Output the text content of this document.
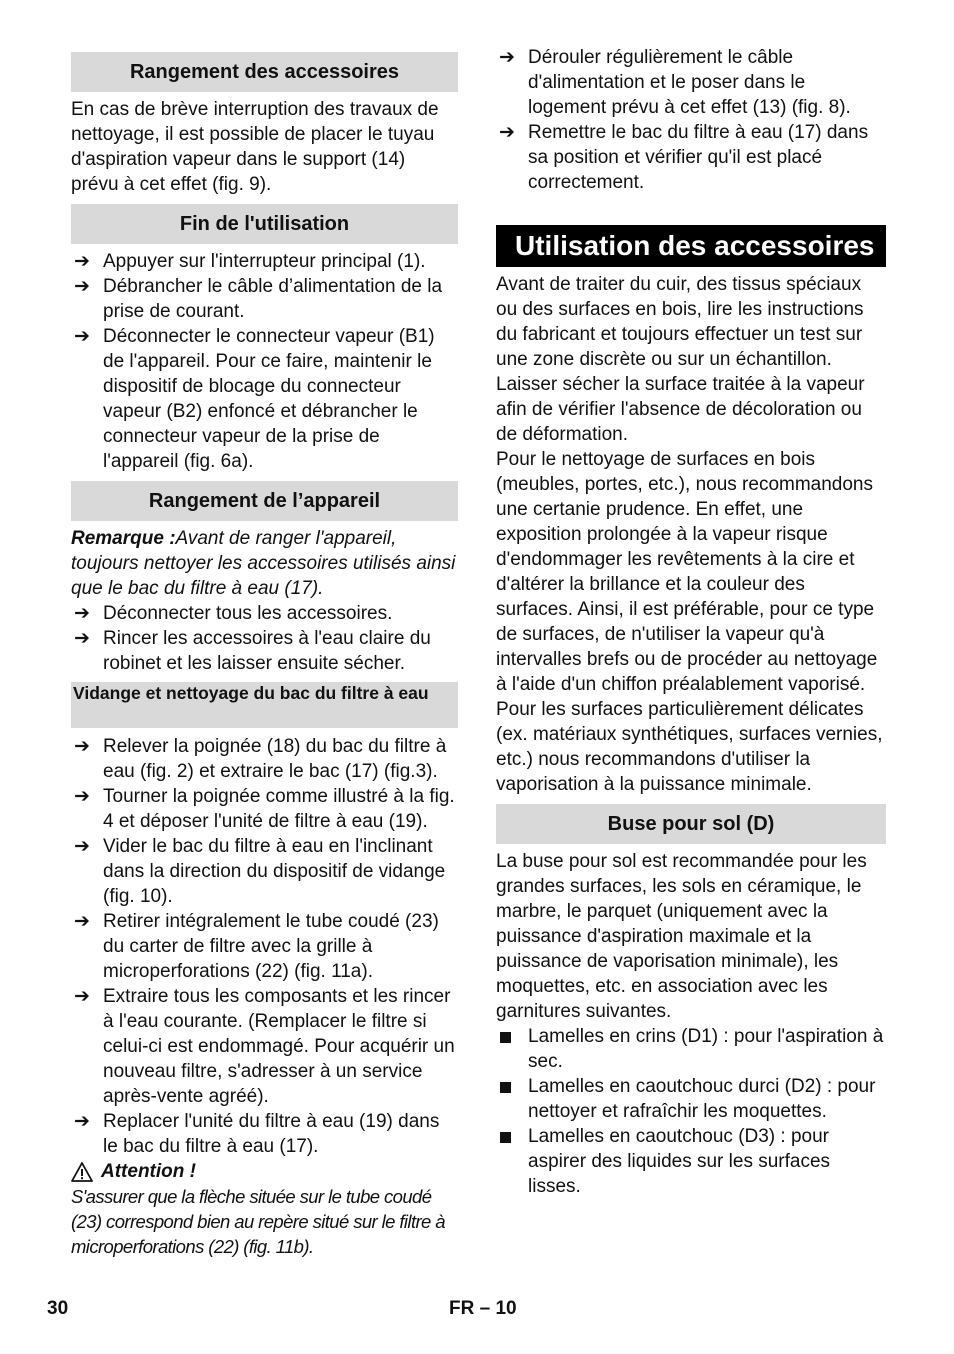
Rangement des accessoires

En cas de brève interruption des travaux de nettoyage, il est possible de placer le tuyau d'aspiration vapeur dans le support (14) prévu à cet effet (fig. 9).

Fin de l'utilisation
➔ Appuyer sur l'interrupteur principal (1).
➔ Débrancher le câble d’alimentation de la prise de courant.
➔ Déconnecter le connecteur vapeur (B1) de l'appareil. Pour ce faire, maintenir le dispositif de blocage du connecteur vapeur (B2) enfoncé et débrancher le connecteur vapeur de la prise de l'appareil (fig. 6a).
Rangement de l’appareil

Remarque :Avant de ranger l'appareil, toujours nettoyer les accessoires utilisés ainsi que le bac du filtre à eau (17).

➔ Déconnecter tous les accessoires.
➔ Rincer les accessoires à l'eau claire du robinet et les laisser ensuite sécher.
Vidange et nettoyage du bac du filtre à eau
➔ Relever la poignée (18) du bac du filtre à eau (fig. 2) et extraire le bac (17) (fig.3).
➔ Tourner la poignée comme illustré à la fig. 4 et déposer l'unité de filtre à eau (19).
➔ Vider le bac du filtre à eau en l'inclinant dans la direction du dispositif de vidange (fig. 10).
➔ Retirer intégralement le tube coudé (23) du carter de filtre avec la grille à microperforations (22) (fig. 11a).
➔ Extraire tous les composants et les rincer à l'eau courante. (Remplacer le filtre si celui-ci est endommagé. Pour acquérir un nouveau filtre, s'adresser à un service après-vente agréé).
➔ Replacer l'unité du filtre à eau (19) dans le bac du filtre à eau (17).
Attention !

S'assurer que la flèche située sur le tube coudé (23) correspond bien au repère situé sur le filtre à microperforations (22) (fig. 11b).

➔ Dérouler régulièrement le câble d'alimentation et le poser dans le logement prévu à cet effet (13) (fig. 8).
➔ Remettre le bac du filtre à eau (17) dans sa position et vérifier qu'il est placé correctement.
Utilisation des accessoires

Avant de traiter du cuir, des tissus spéciaux ou des surfaces en bois, lire les instructions du fabricant et toujours effectuer un test sur une zone discrète ou sur un échantillon. Laisser sécher la surface traitée à la vapeur afin de vérifier l'absence de décoloration ou de déformation.

Pour le nettoyage de surfaces en bois (meubles, portes, etc.), nous recommandons une certanie prudence. En effet, une exposition prolongée à la vapeur risque d'endommager les revêtements à la cire et d'altérer la brillance et la couleur des surfaces. Ainsi, il est préférable, pour ce type de surfaces, de n'utiliser la vapeur qu'à intervalles brefs ou de procéder au nettoyage à l'aide d'un chiffon préalablement vaporisé.

Pour les surfaces particulièrement délicates (ex. matériaux synthétiques, surfaces vernies, etc.) nous recommandons d'utiliser la vaporisation à la puissance minimale.

Buse pour sol (D)

La buse pour sol est recommandée pour les grandes surfaces, les sols en céramique, le marbre, le parquet (uniquement avec la puissance d'aspiration maximale et la puissance de vaporisation minimale), les moquettes, etc. en association avec les garnitures suivantes.

Lamelles en crins (D1) : pour l'aspiration à sec.
Lamelles en caoutchouc durci (D2) : pour nettoyer et rafraîchir les moquettes.
Lamelles en caoutchouc (D3) : pour aspirer des liquides sur les surfaces lisses.
30	FR – 10
